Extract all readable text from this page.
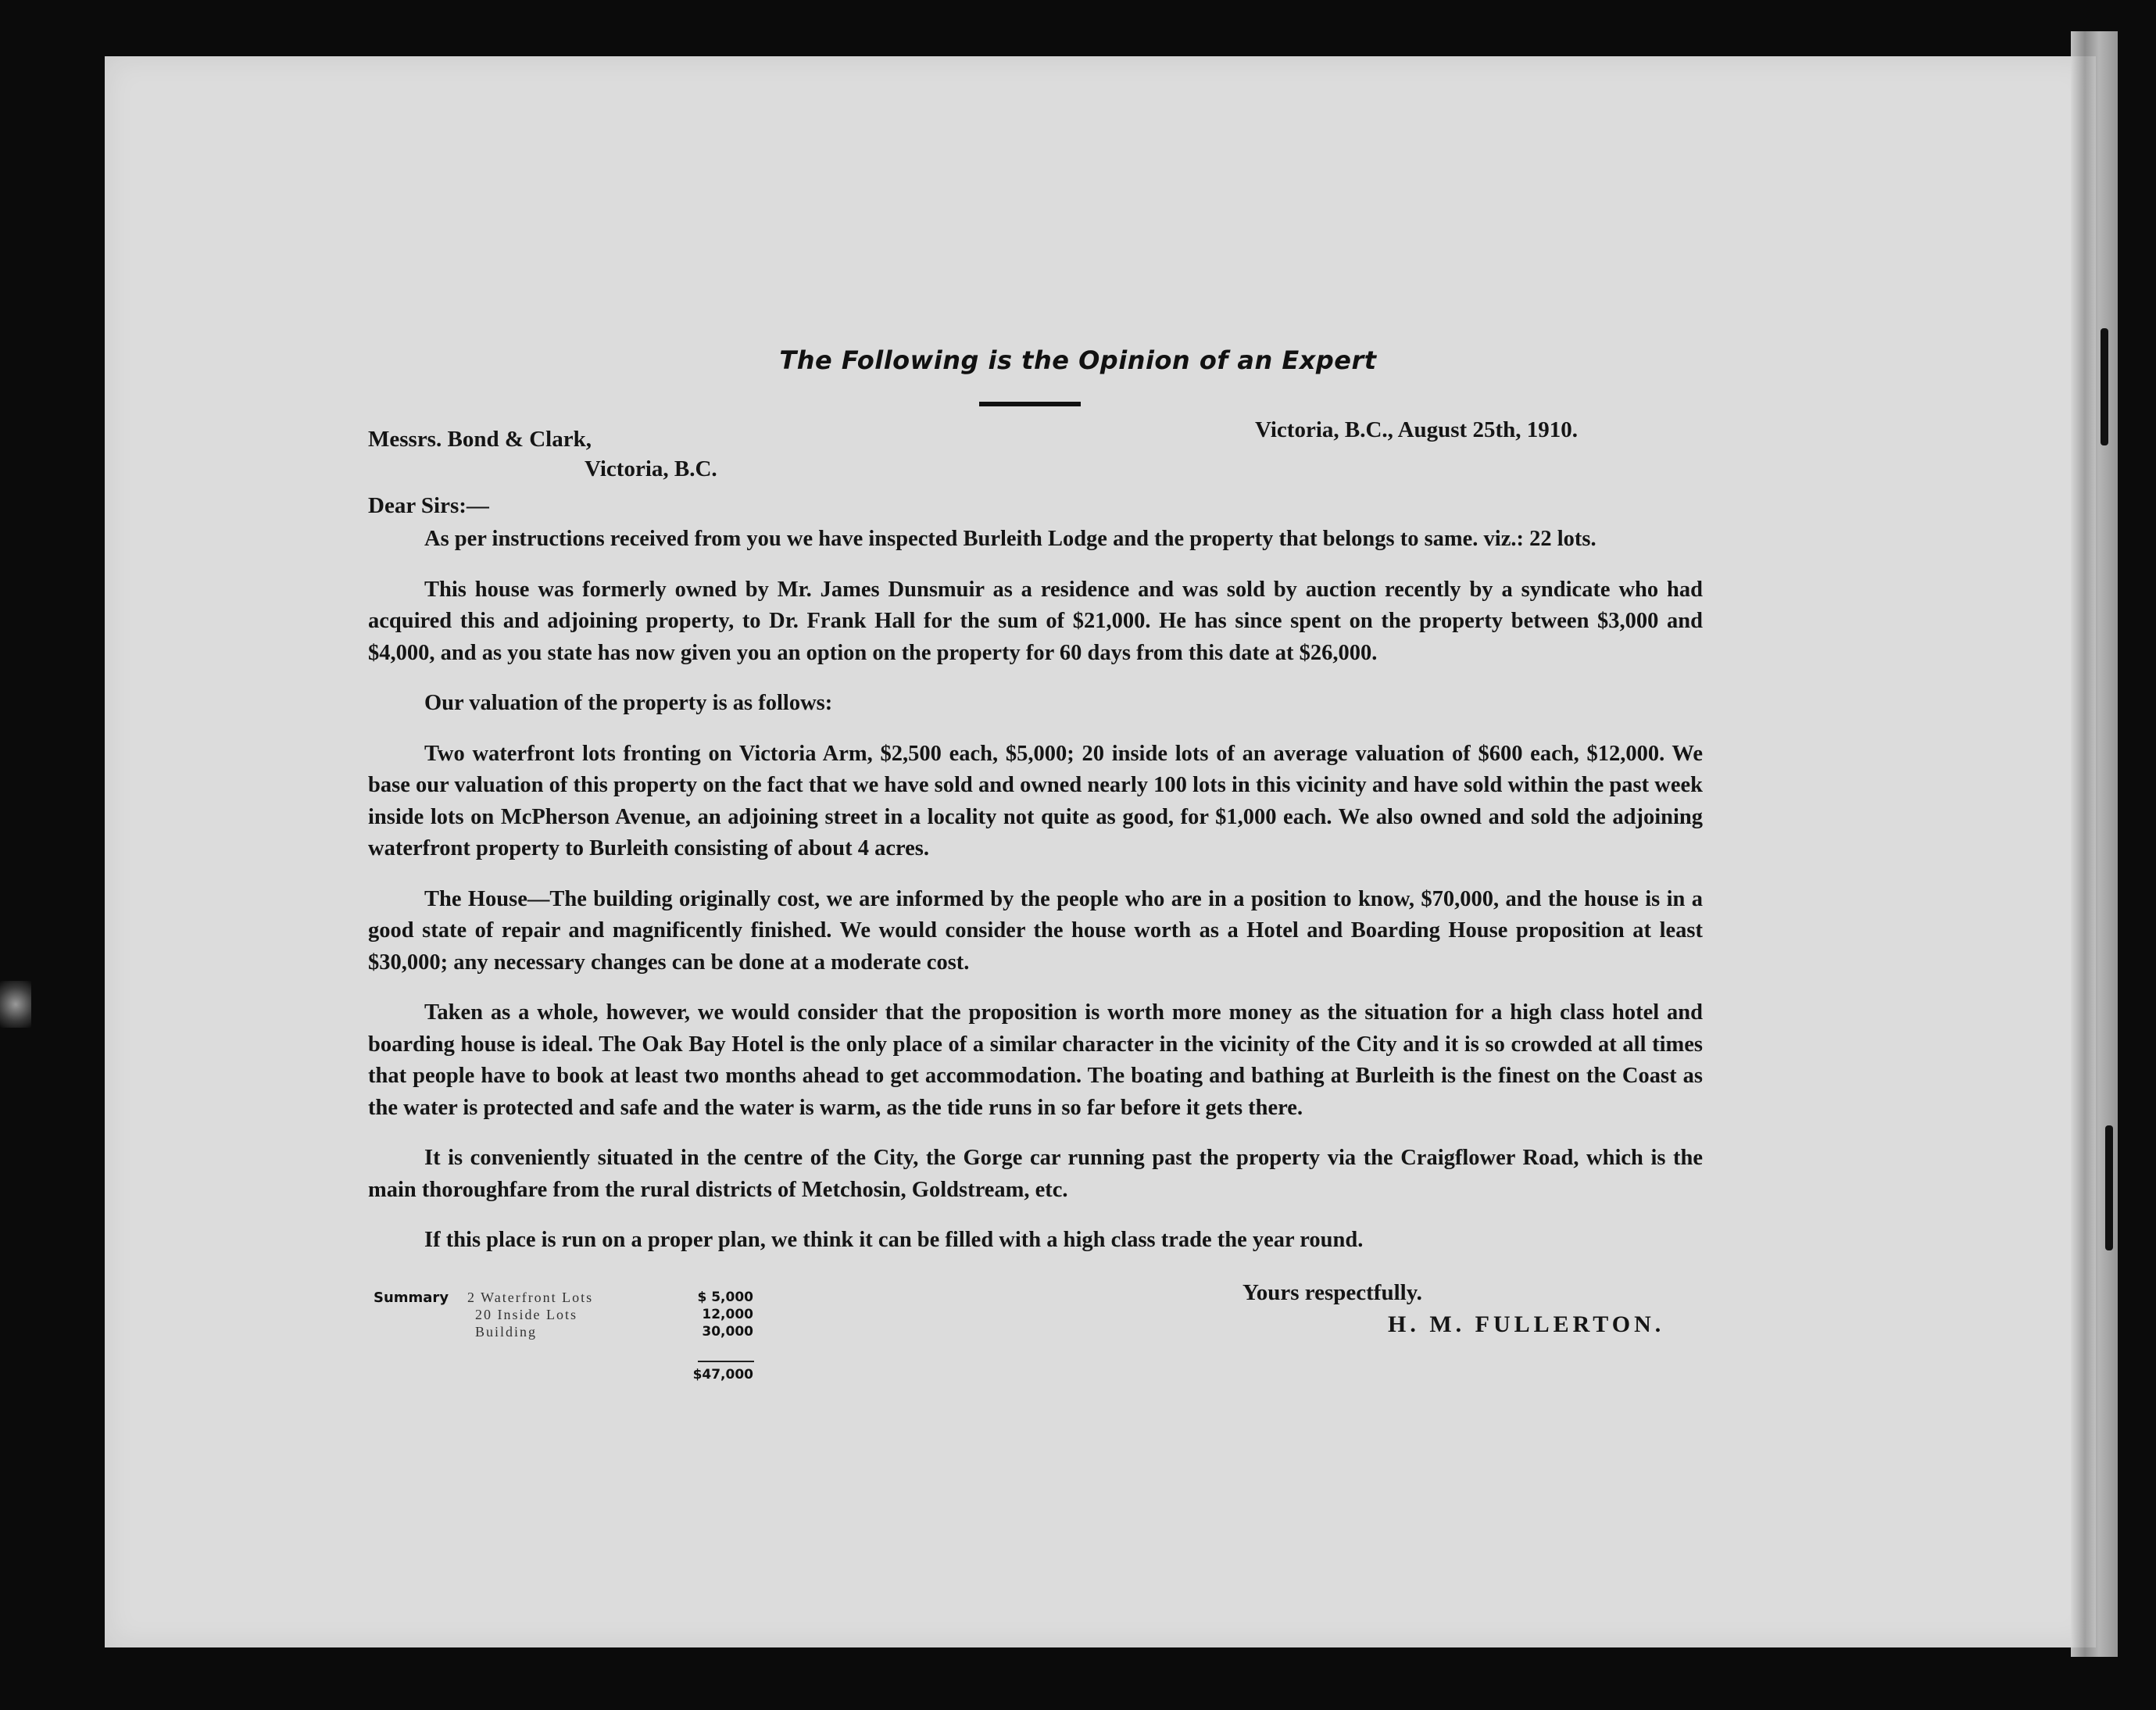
The Following is the Opinion of an Expert
Messrs. Bond & Clark,
Victoria, B.C.
Victoria, B.C., August 25th, 1910.
Dear Sirs:—

As per instructions received from you we have inspected Burleith Lodge and the property that belongs to same. viz.: 22 lots.

This house was formerly owned by Mr. James Dunsmuir as a residence and was sold by auction recently by a syndicate who had acquired this and adjoining property, to Dr. Frank Hall for the sum of $21,000. He has since spent on the property between $3,000 and $4,000, and as you state has now given you an option on the property for 60 days from this date at $26,000.

Our valuation of the property is as follows:

Two waterfront lots fronting on Victoria Arm, $2,500 each, $5,000; 20 inside lots of an average valuation of $600 each, $12,000. We base our valuation of this property on the fact that we have sold and owned nearly 100 lots in this vicinity and have sold within the past week inside lots on McPherson Avenue, an adjoining street in a locality not quite as good, for $1,000 each. We also owned and sold the adjoining waterfront property to Burleith consisting of about 4 acres.

The House—The building originally cost, we are informed by the people who are in a position to know, $70,000, and the house is in a good state of repair and magnificently finished. We would consider the house worth as a Hotel and Boarding House proposition at least $30,000; any necessary changes can be done at a moderate cost.

Taken as a whole, however, we would consider that the proposition is worth more money as the situation for a high class hotel and boarding house is ideal. The Oak Bay Hotel is the only place of a similar character in the vicinity of the City and it is so crowded at all times that people have to book at least two months ahead to get accommodation. The boating and bathing at Burleith is the finest on the Coast as the water is protected and safe and the water is warm, as the tide runs in so far before it gets there.

It is conveniently situated in the centre of the City, the Gorge car running past the property via the Craigflower Road, which is the main thoroughfare from the rural districts of Metchosin, Goldstream, etc.

If this place is run on a proper plan, we think it can be filled with a high class trade the year round.

Summary 2 Waterfront Lots	$ 5,000
20 Inside Lots	12,000
Building	30,000
$47,000
Yours respectfully.
H. M. FULLERTON.
